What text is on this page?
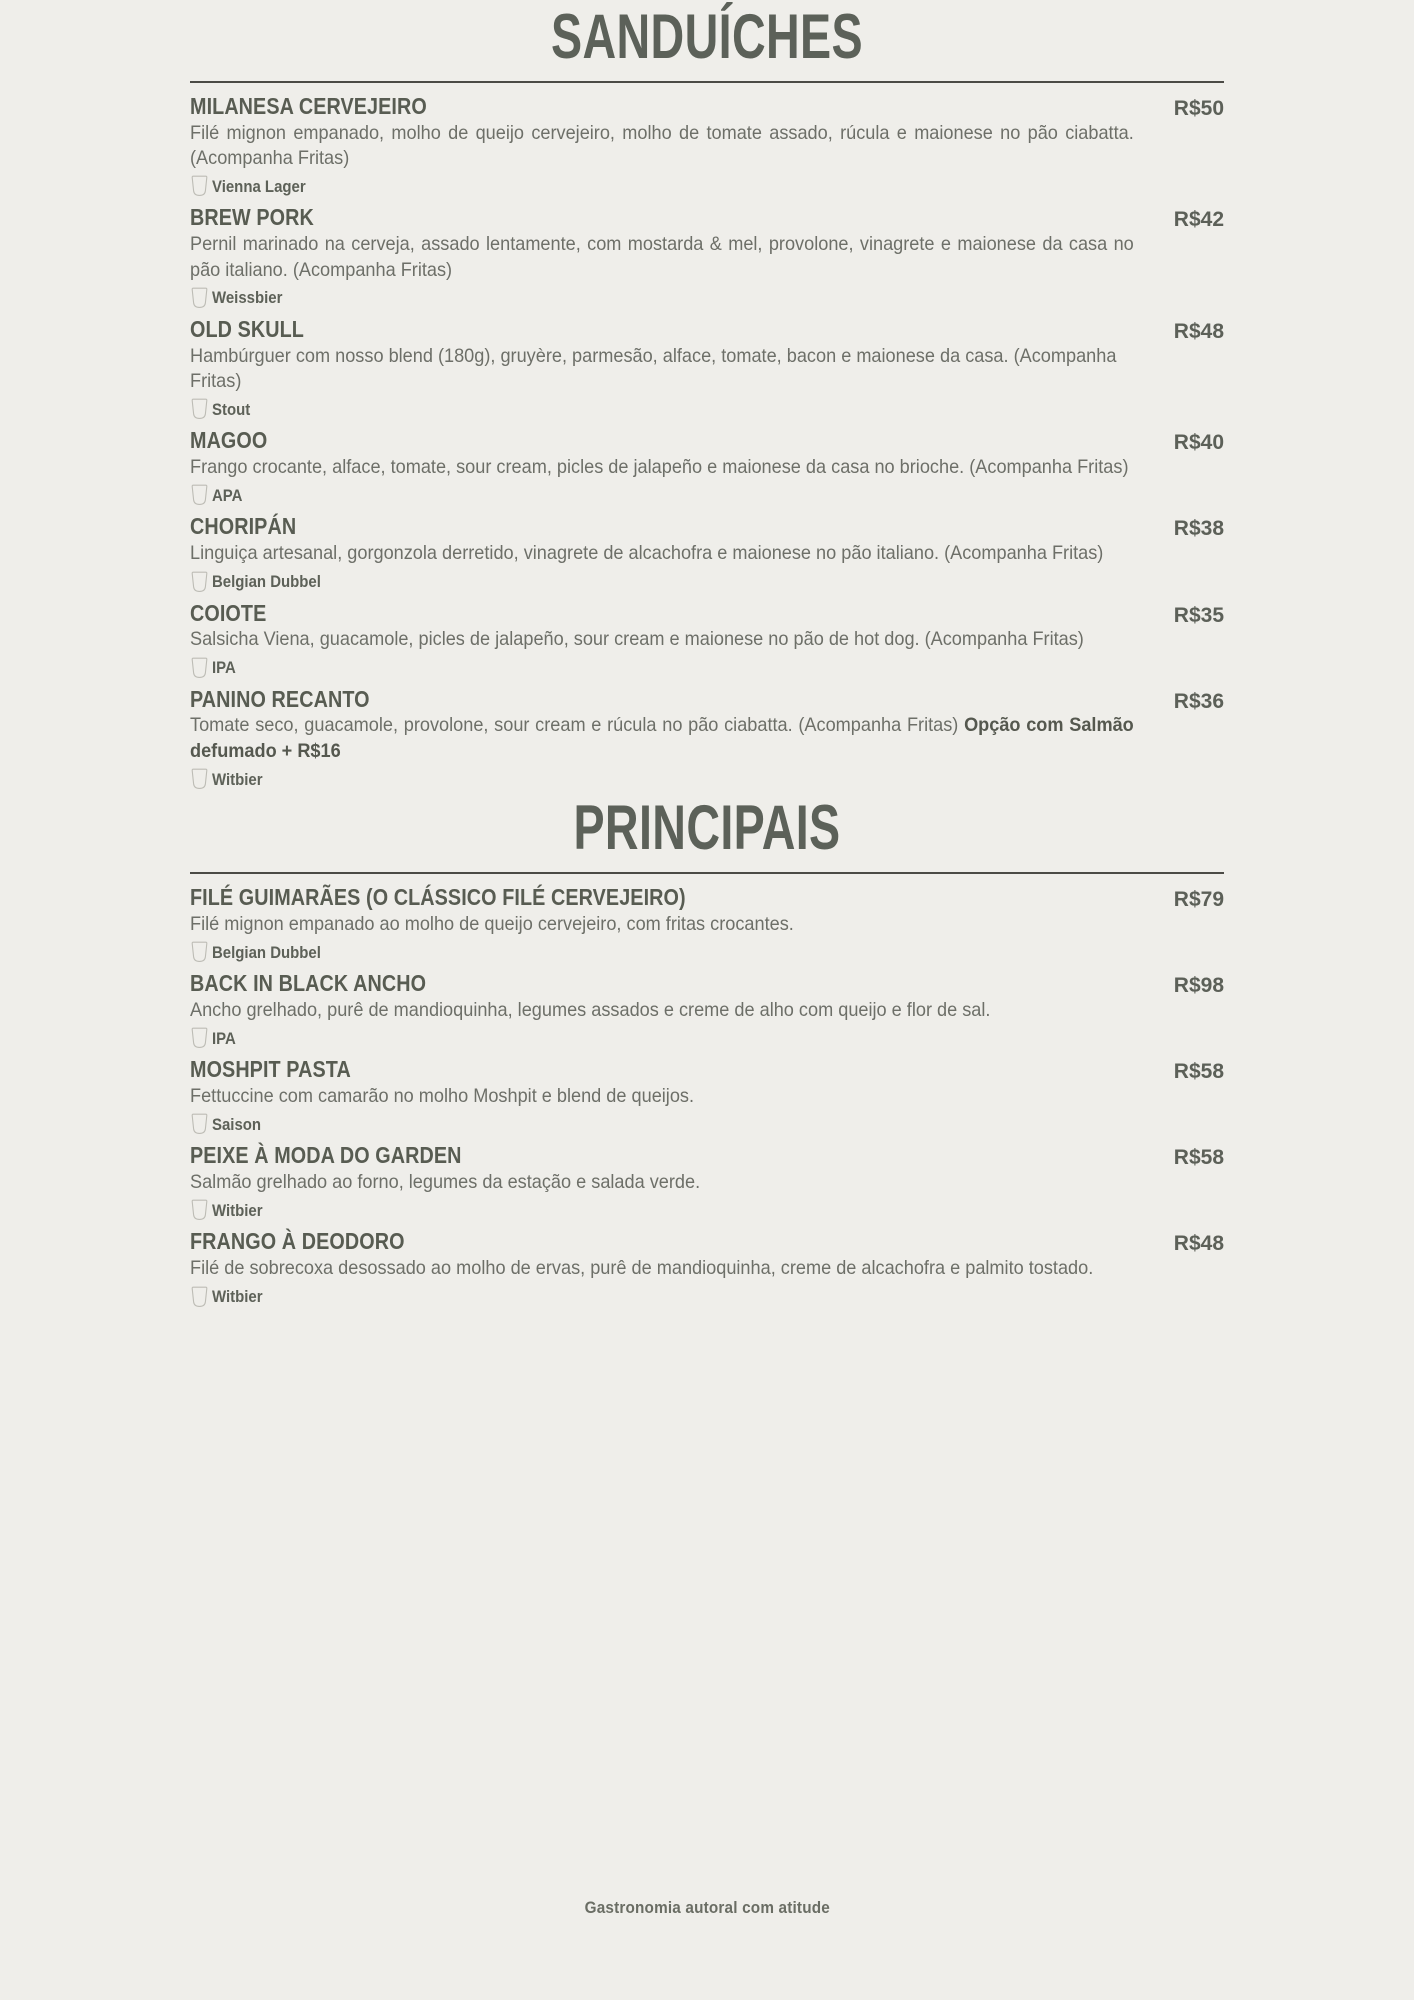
SANDUÍCHES
MILANESA CERVEJEIRO
Filé mignon empanado, molho de queijo cervejeiro, molho de tomate assado, rúcula e maionese no pão ciabatta. (Acompanha Fritas)
R$50
Vienna Lager
BREW PORK
Pernil marinado na cerveja, assado lentamente, com mostarda & mel, provolone, vinagrete e maionese da casa no pão italiano. (Acompanha Fritas)
R$42
Weissbier
OLD SKULL
Hambúrguer com nosso blend (180g), gruyère, parmesão, alface, tomate, bacon e maionese da casa. (Acompanha Fritas)
R$48
Stout
MAGOO
Frango crocante, alface, tomate, sour cream, picles de jalapeño e maionese da casa no brioche. (Acompanha Fritas)
R$40
APA
CHORIPÁN
Linguiça artesanal, gorgonzola derretido, vinagrete de alcachofra e maionese no pão italiano. (Acompanha Fritas)
R$38
Belgian Dubbel
COIOTE
Salsicha Viena, guacamole, picles de jalapeño, sour cream e maionese no pão de hot dog. (Acompanha Fritas)
R$35
IPA
PANINO RECANTO
Tomate seco, guacamole, provolone, sour cream e rúcula no pão ciabatta. (Acompanha Fritas) Opção com Salmão defumado + R$16
R$36
Witbier
PRINCIPAIS
FILÉ GUIMARÃES (O CLÁSSICO FILÉ CERVEJEIRO)
Filé mignon empanado ao molho de queijo cervejeiro, com fritas crocantes.
R$79
Belgian Dubbel
BACK IN BLACK ANCHO
Ancho grelhado, purê de mandioquinha, legumes assados e creme de alho com queijo e flor de sal.
R$98
IPA
MOSHPIT PASTA
Fettuccine com camarão no molho Moshpit e blend de queijos.
R$58
Saison
PEIXE À MODA DO GARDEN
Salmão grelhado ao forno, legumes da estação e salada verde.
R$58
Witbier
FRANGO À DEODORO
Filé de sobrecoxa desossado ao molho de ervas, purê de mandioquinha, creme de alcachofra e palmito tostado.
R$48
Witbier
Gastronomia autoral com atitude
